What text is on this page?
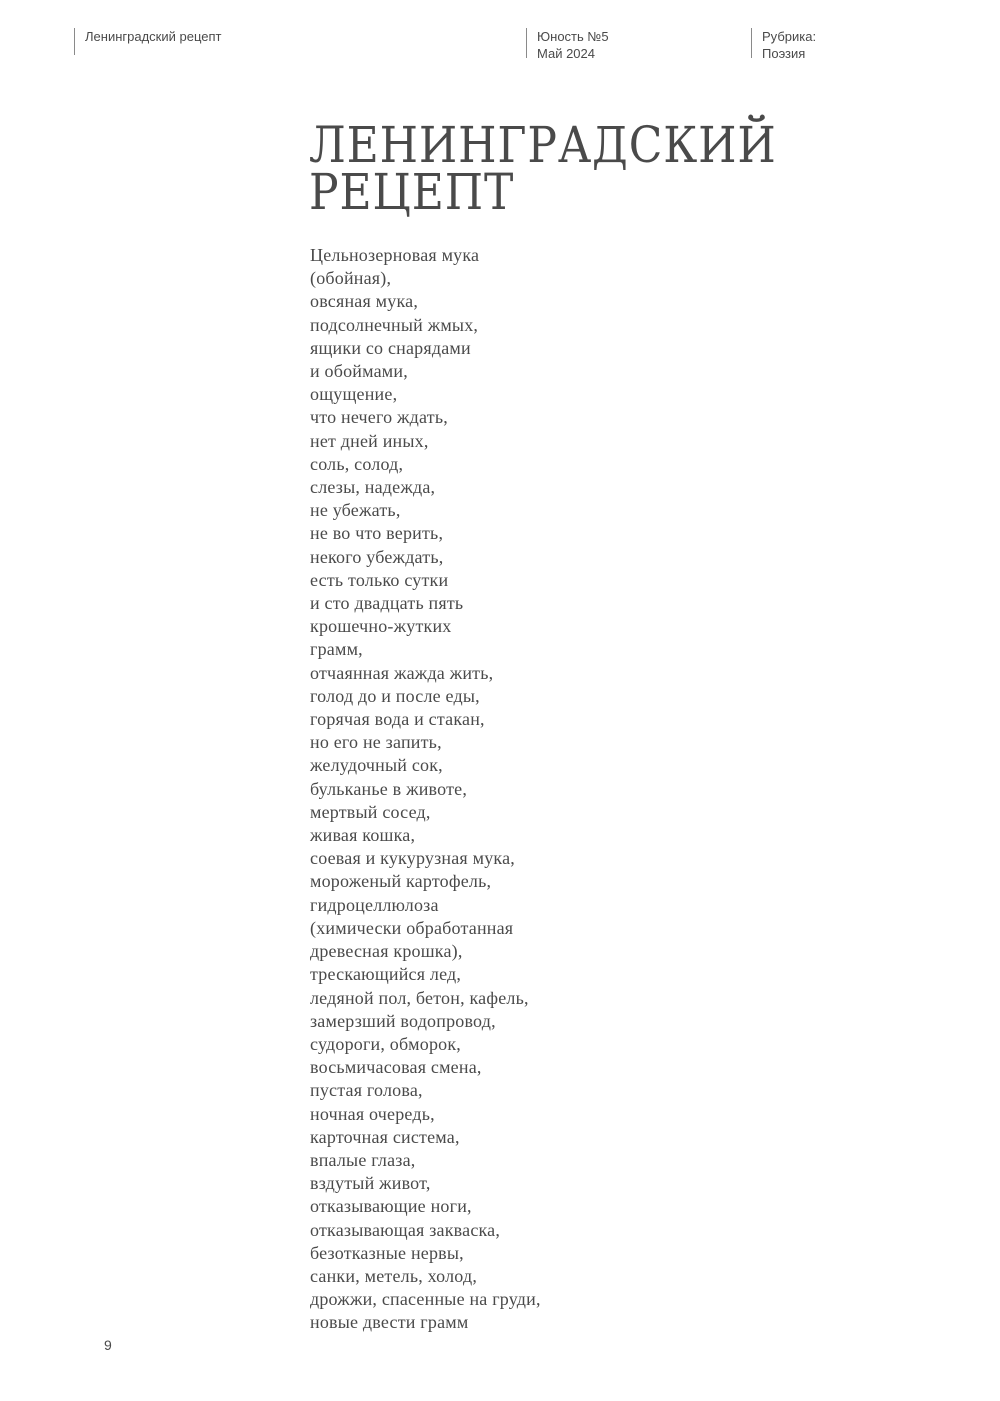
Ленинградский рецепт	Юность №5
Май 2024
Рубрика:
Поэзия
ЛЕНИНГРАДСКИЙ
РЕЦЕПТ
Цельнозерновая мука
(обойная),
овсяная мука,
подсолнечный жмых,
ящики со снарядами
и обоймами,
ощущение,
что нечего ждать,
нет дней иных,
соль, солод,
слезы, надежда,
не убежать,
не во что верить,
некого убеждать,
есть только сутки
и сто двадцать пять
крошечно-жутких
грамм,
отчаянная жажда жить,
голод до и после еды,
горячая вода и стакан,
но его не запить,
желудочный сок,
бульканье в животе,
мертвый сосед,
живая кошка,
соевая и кукурузная мука,
мороженый картофель,
гидроцеллюлоза
(химически обработанная
древесная крошка),
трескающийся лед,
ледяной пол, бетон, кафель,
замерзший водопровод,
судороги, обморок,
восьмичасовая смена,
пустая голова,
ночная очередь,
карточная система,
впалые глаза,
вздутый живот,
отказывающие ноги,
отказывающая закваска,
безотказные нервы,
санки, метель, холод,
дрожжи, спасенные на груди,
новые двести грамм
9
